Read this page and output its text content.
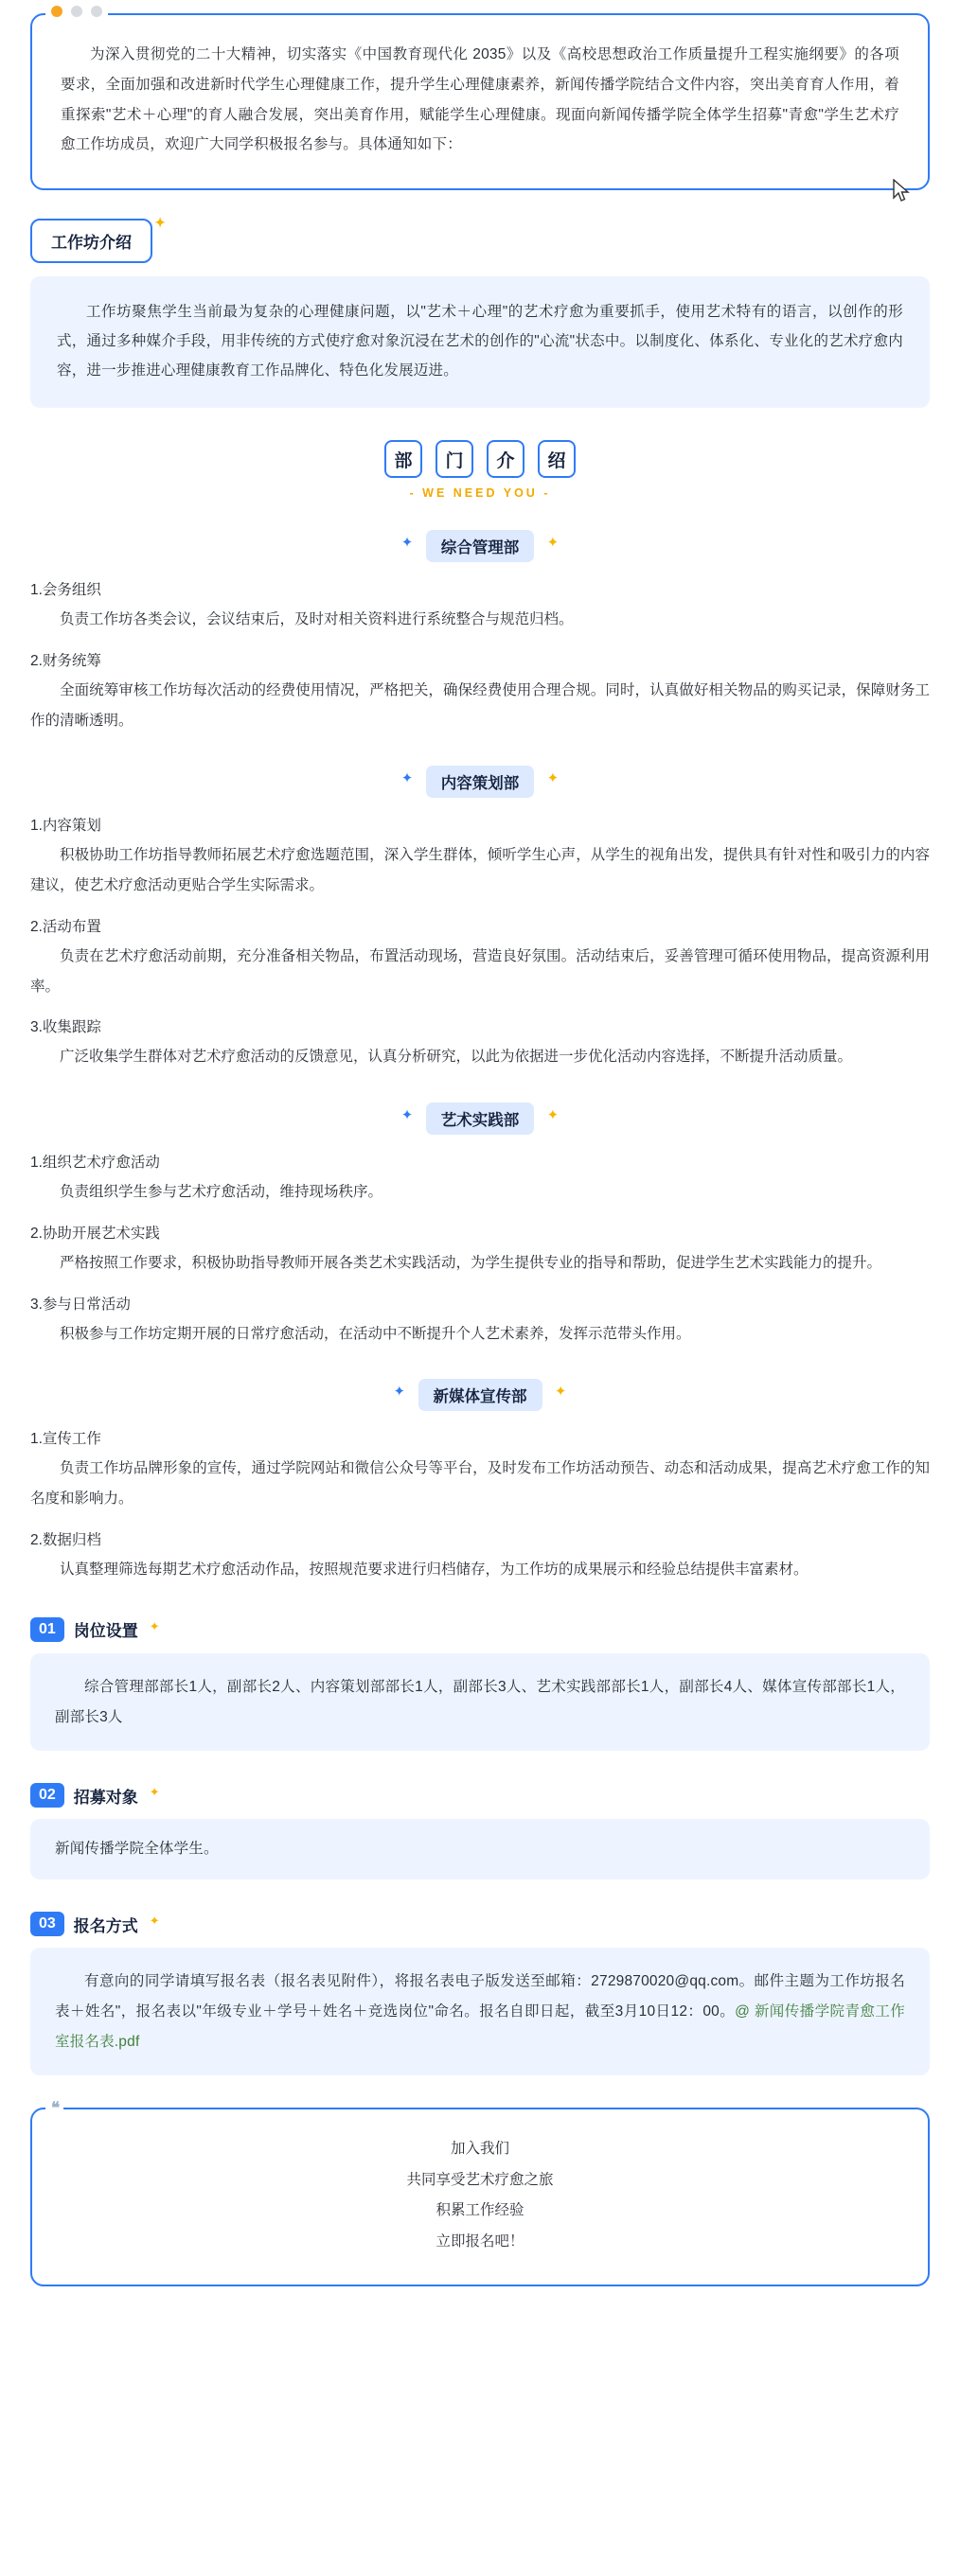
为深入贯彻党的二十大精神，切实落实《中国教育现代化 2035》以及《高校思想政治工作质量提升工程实施纲要》的各项要求，全面加强和改进新时代学生心理健康工作，提升学生心理健康素养，新闻传播学院结合文件内容，突出美育育人作用，着重探索"艺术＋心理"的育人融合发展，突出美育作用，赋能学生心理健康。现面向新闻传播学院全体学生招募"青愈"学生艺术疗愈工作坊成员，欢迎广大同学积极报名参与。具体通知如下：

工作坊介绍
✦

工作坊聚焦学生当前最为复杂的心理健康问题，以"艺术＋心理"的艺术疗愈为重要抓手，使用艺术特有的语言，以创作的形式，通过多种媒介手段，用非传统的方式使疗愈对象沉浸在艺术的创作的"心流"状态中。以制度化、体系化、专业化的艺术疗愈内容，进一步推进心理健康教育工作品牌化、特色化发展迈进。

部	门	介	绍
- WE NEED YOU -
✦ 综合管理部 ✦

1.会务组织

负责工作坊各类会议，会议结束后，及时对相关资料进行系统整合与规范归档。

2.财务统筹

全面统筹审核工作坊每次活动的经费使用情况，严格把关，确保经费使用合理合规。同时，认真做好相关物品的购买记录，保障财务工作的清晰透明。

✦ 内容策划部 ✦

1.内容策划

积极协助工作坊指导教师拓展艺术疗愈选题范围，深入学生群体，倾听学生心声，从学生的视角出发，提供具有针对性和吸引力的内容建议，使艺术疗愈活动更贴合学生实际需求。

2.活动布置

负责在艺术疗愈活动前期，充分准备相关物品，布置活动现场，营造良好氛围。活动结束后，妥善管理可循环使用物品，提高资源利用率。

3.收集跟踪

广泛收集学生群体对艺术疗愈活动的反馈意见，认真分析研究，以此为依据进一步优化活动内容选择，不断提升活动质量。

✦ 艺术实践部 ✦

1.组织艺术疗愈活动

负责组织学生参与艺术疗愈活动，维持现场秩序。

2.协助开展艺术实践

严格按照工作要求，积极协助指导教师开展各类艺术实践活动，为学生提供专业的指导和帮助，促进学生艺术实践能力的提升。

3.参与日常活动

积极参与工作坊定期开展的日常疗愈活动，在活动中不断提升个人艺术素养，发挥示范带头作用。

✦ 新媒体宣传部 ✦

1.宣传工作

负责工作坊品牌形象的宣传，通过学院网站和微信公众号等平台，及时发布工作坊活动预告、动态和活动成果，提高艺术疗愈工作的知名度和影响力。

2.数据归档

认真整理筛选每期艺术疗愈活动作品，按照规范要求进行归档储存，为工作坊的成果展示和经验总结提供丰富素材。

01	岗位设置 ✦

综合管理部部长1人，副部长2人、内容策划部部长1人，副部长3人、艺术实践部部长1人，副部长4人、媒体宣传部部长1人，副部长3人

02	招募对象 ✦

新闻传播学院全体学生。

03	报名方式 ✦

有意向的同学请填写报名表（报名表见附件），将报名表电子版发送至邮箱：2729870020@qq.com。邮件主题为工作坊报名表＋姓名"，报名表以"年级专业＋学号＋姓名＋竞选岗位"命名。报名自即日起，截至3月10日12：00。@ 新闻传播学院青愈工作室报名表.pdf

加入我们
共同享受艺术疗愈之旅
积累工作经验
立即报名吧！
❝
